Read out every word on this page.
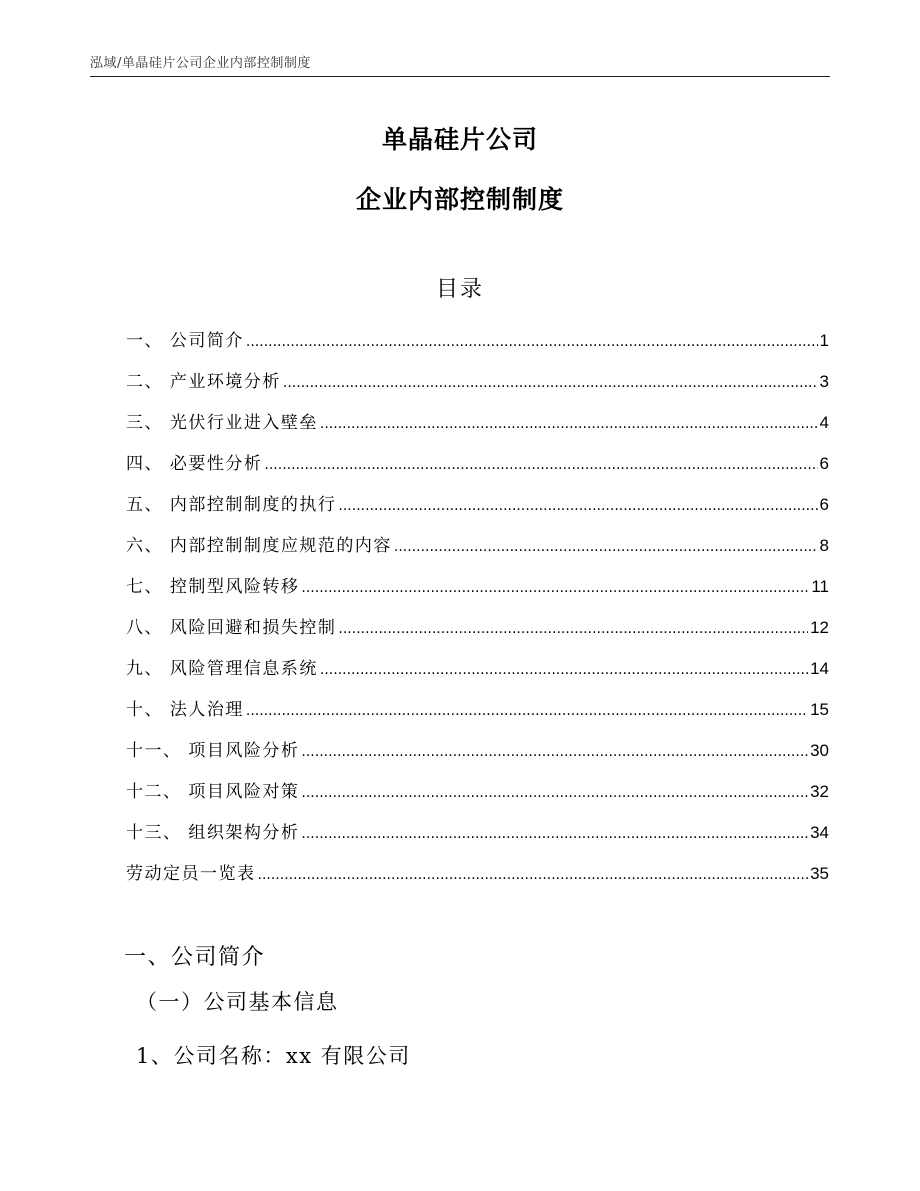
泓域/单晶硅片公司企业内部控制制度
单晶硅片公司
企业内部控制制度
目录
一、 公司简介 .....	1
二、 产业环境分析 .....	3
三、 光伏行业进入壁垒 .....	4
四、 必要性分析 .....	6
五、 内部控制制度的执行 .....	6
六、 内部控制制度应规范的内容 .....	8
七、 控制型风险转移 .....	11
八、 风险回避和损失控制 .....	12
九、 风险管理信息系统 .....	14
十、 法人治理 .....	15
十一、 项目风险分析 .....	30
十二、 项目风险对策 .....	32
十三、 组织架构分析 .....	34
劳动定员一览表 .....	35
一、公司简介
（一）公司基本信息
1、公司名称：xx 有限公司
